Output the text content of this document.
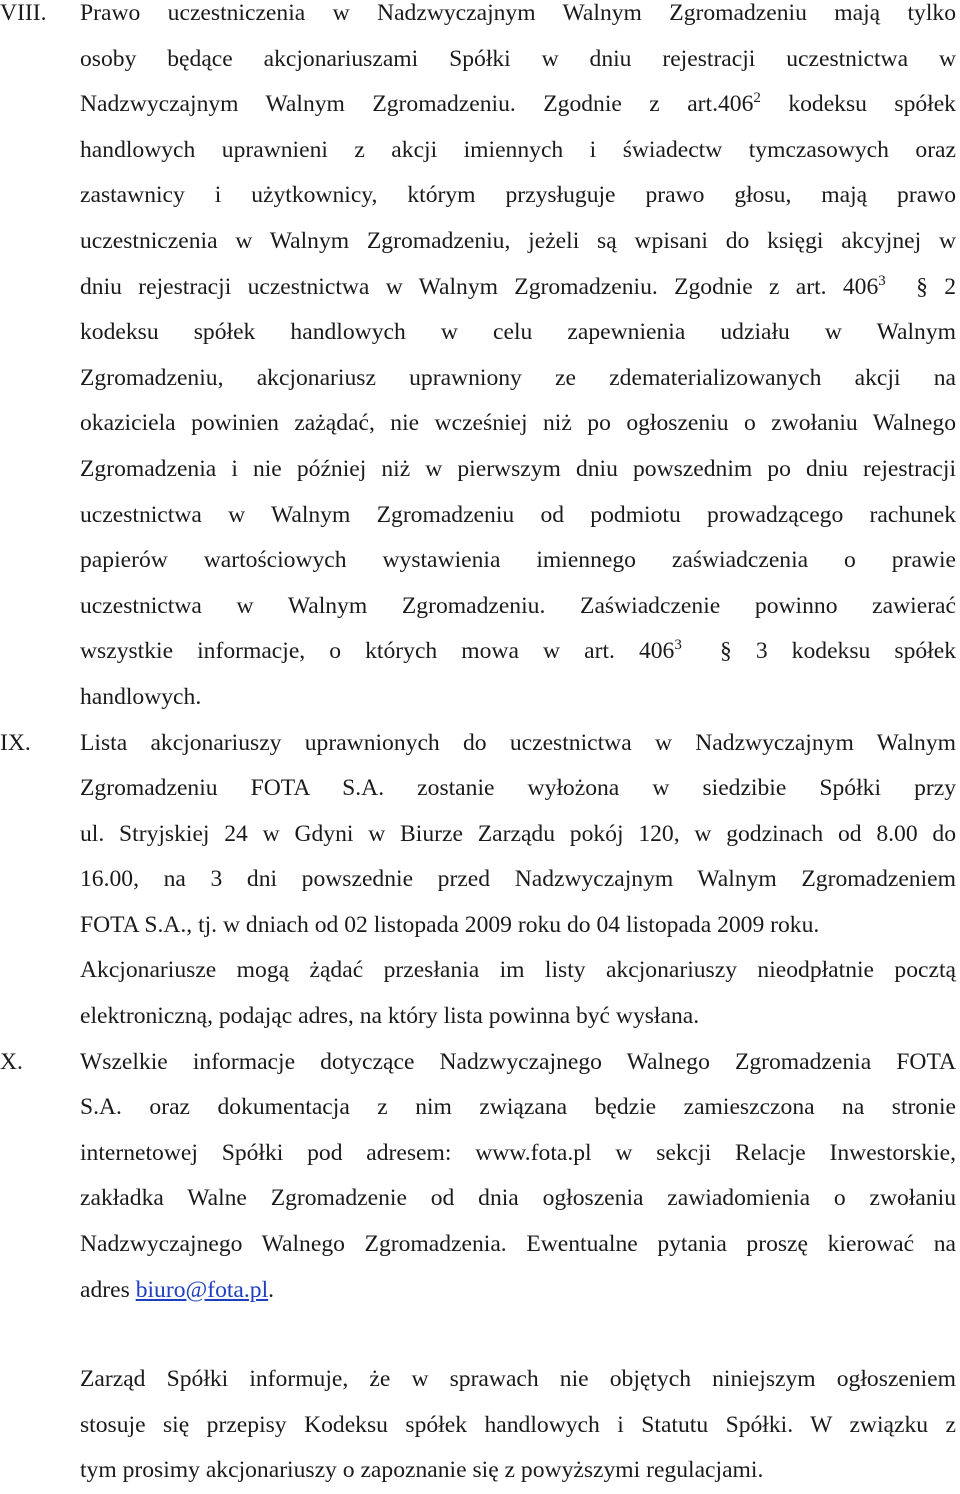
VIII. Prawo uczestniczenia w Nadzwyczajnym Walnym Zgromadzeniu mają tylko
osoby będące akcjonariuszami Spółki w dniu rejestracji uczestnictwa w
Nadzwyczajnym Walnym Zgromadzeniu. Zgodnie z art.406$^2$ kodeksu spółek
handlowych uprawnieni z akcji imiennych i świadectw tymczasowych oraz
zastawnicy i użytkownicy, którym przysługuje prawo głosu, mają prawo
uczestniczenia w Walnym Zgromadzeniu, jeżeli są wpisani do księgi akcyjnej w
dniu rejestracji uczestnictwa w Walnym Zgromadzeniu. Zgodnie z art. $406^3$ § 2
kodeksu spółek handlowych w celu zapewnienia udziału w Walnym
Zgromadzeniu, akcjonariusz uprawniony ze zdematerializowanych akcji na
okaziciela powinien zażądać, nie wcześniej niż po ogłoszeniu o zwołaniu Walnego
Zgromadzenia i nie później niż w pierwszym dniu powszednim po dniu rejestracji
uczestnictwa w Walnym Zgromadzeniu od podmiotu prowadzącego rachunek
papierów wartościowych wystawienia imiennego zaświadczenia o prawie
uczestnictwa w Walnym Zgromadzeniu. Zaświadczenie powinno zawierać
wszystkie informacje, o których mowa w art. $406^3$ § 3 kodeksu spółek
handlowych.
IX. Lista akcjonariuszy uprawnionych do uczestnictwa w Nadzwyczajnym Walnym
Zgromadzeniu FOTA S.A. zostanie wyłożona w siedzibie Spółki przy
ul. Stryjskiej 24 w Gdyni w Biurze Zarządu pokój 120, w godzinach od 8.00 do
16.00, na 3 dni powszednie przed Nadzwyczajnym Walnym Zgromadzeniem
FOTA S.A., tj. w dniach od 02 listopada 2009 roku do 04 listopada 2009 roku.
Akcjonariusze mogą żądać przesłania im listy akcjonariuszy nieodpłatnie pocztą
elektroniczną, podając adres, na który lista powinna być wysłana.
X. Wszelkie informacje dotyczące Nadzwyczajnego Walnego Zgromadzenia FOTA
S.A. oraz dokumentacja z nim związana będzie zamieszczona na stronie
internetowej Spółki pod adresem: www.fota.pl w sekcji Relacje Inwestorskie,
zakładka Walne Zgromadzenie od dnia ogłoszenia zawiadomienia o zwołaniu
Nadzwyczajnego Walnego Zgromadzenia. Ewentualne pytania proszę kierować na
adres biuro@fota.pl.
Zarząd Spółki informuje, że w sprawach nie objętych niniejszym ogłoszeniem
stosuje się przepisy Kodeksu spółek handlowych i Statutu Spółki. W związku z
tym prosimy akcjonariuszy o zapoznanie się z powyższymi regulacjami.
